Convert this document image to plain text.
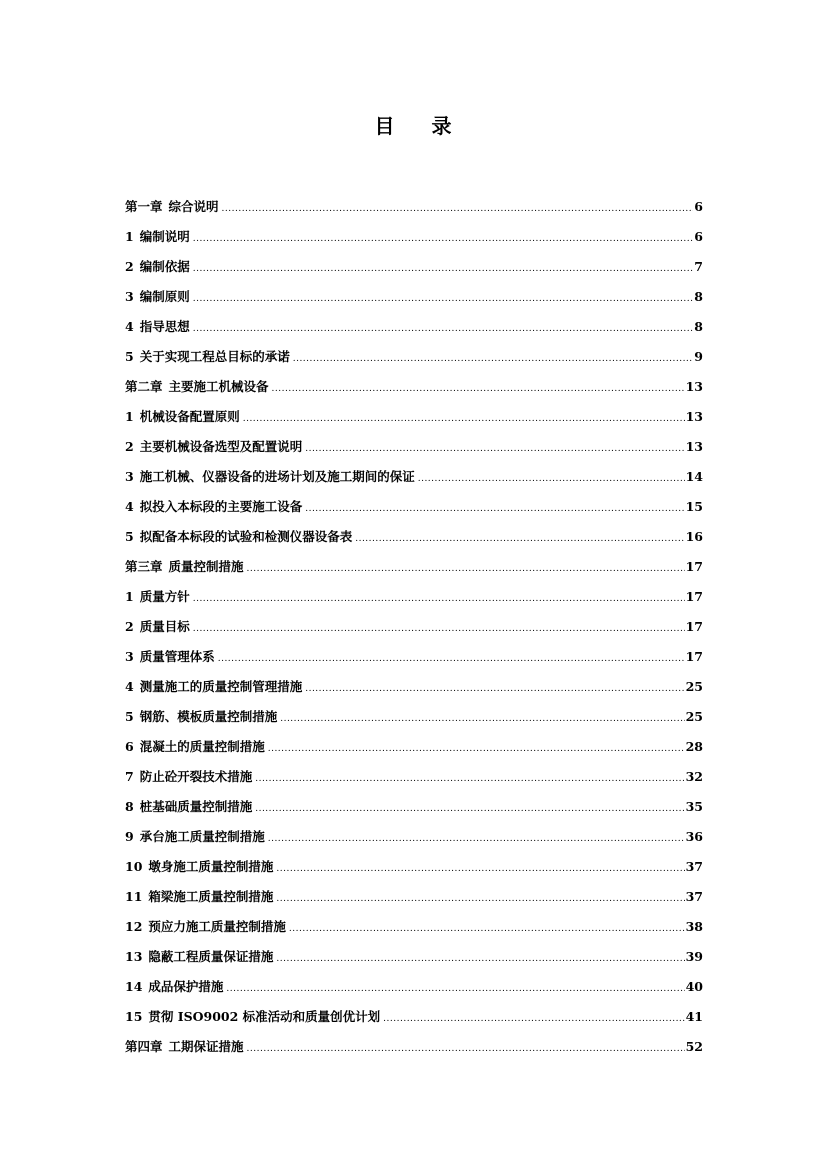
目 录
第一章 综合说明 .....	6
1 编制说明 .....	6
2 编制依据 .....	7
3 编制原则 .....	8
4 指导思想 .....	8
5 关于实现工程总目标的承诺 .....	9
第二章 主要施工机械设备 .....	13
1 机械设备配置原则 .....	13
2 主要机械设备选型及配置说明 .....	13
3 施工机械、仪器设备的进场计划及施工期间的保证 .....	14
4 拟投入本标段的主要施工设备 .....	15
5 拟配备本标段的试验和检测仪器设备表 .....	16
第三章 质量控制措施 .....	17
1 质量方针 .....	17
2 质量目标 .....	17
3 质量管理体系 .....	17
4 测量施工的质量控制管理措施 .....	25
5 钢筋、模板质量控制措施 .....	25
6 混凝土的质量控制措施 .....	28
7 防止砼开裂技术措施 .....	32
8 桩基础质量控制措施 .....	35
9 承台施工质量控制措施 .....	36
10 墩身施工质量控制措施 .....	37
11 箱梁施工质量控制措施 .....	37
12 预应力施工质量控制措施 .....	38
13 隐蔽工程质量保证措施 .....	39
14 成品保护措施 .....	40
15 贯彻 ISO9002 标准活动和质量创优计划 .....	41
第四章 工期保证措施 .....	52
